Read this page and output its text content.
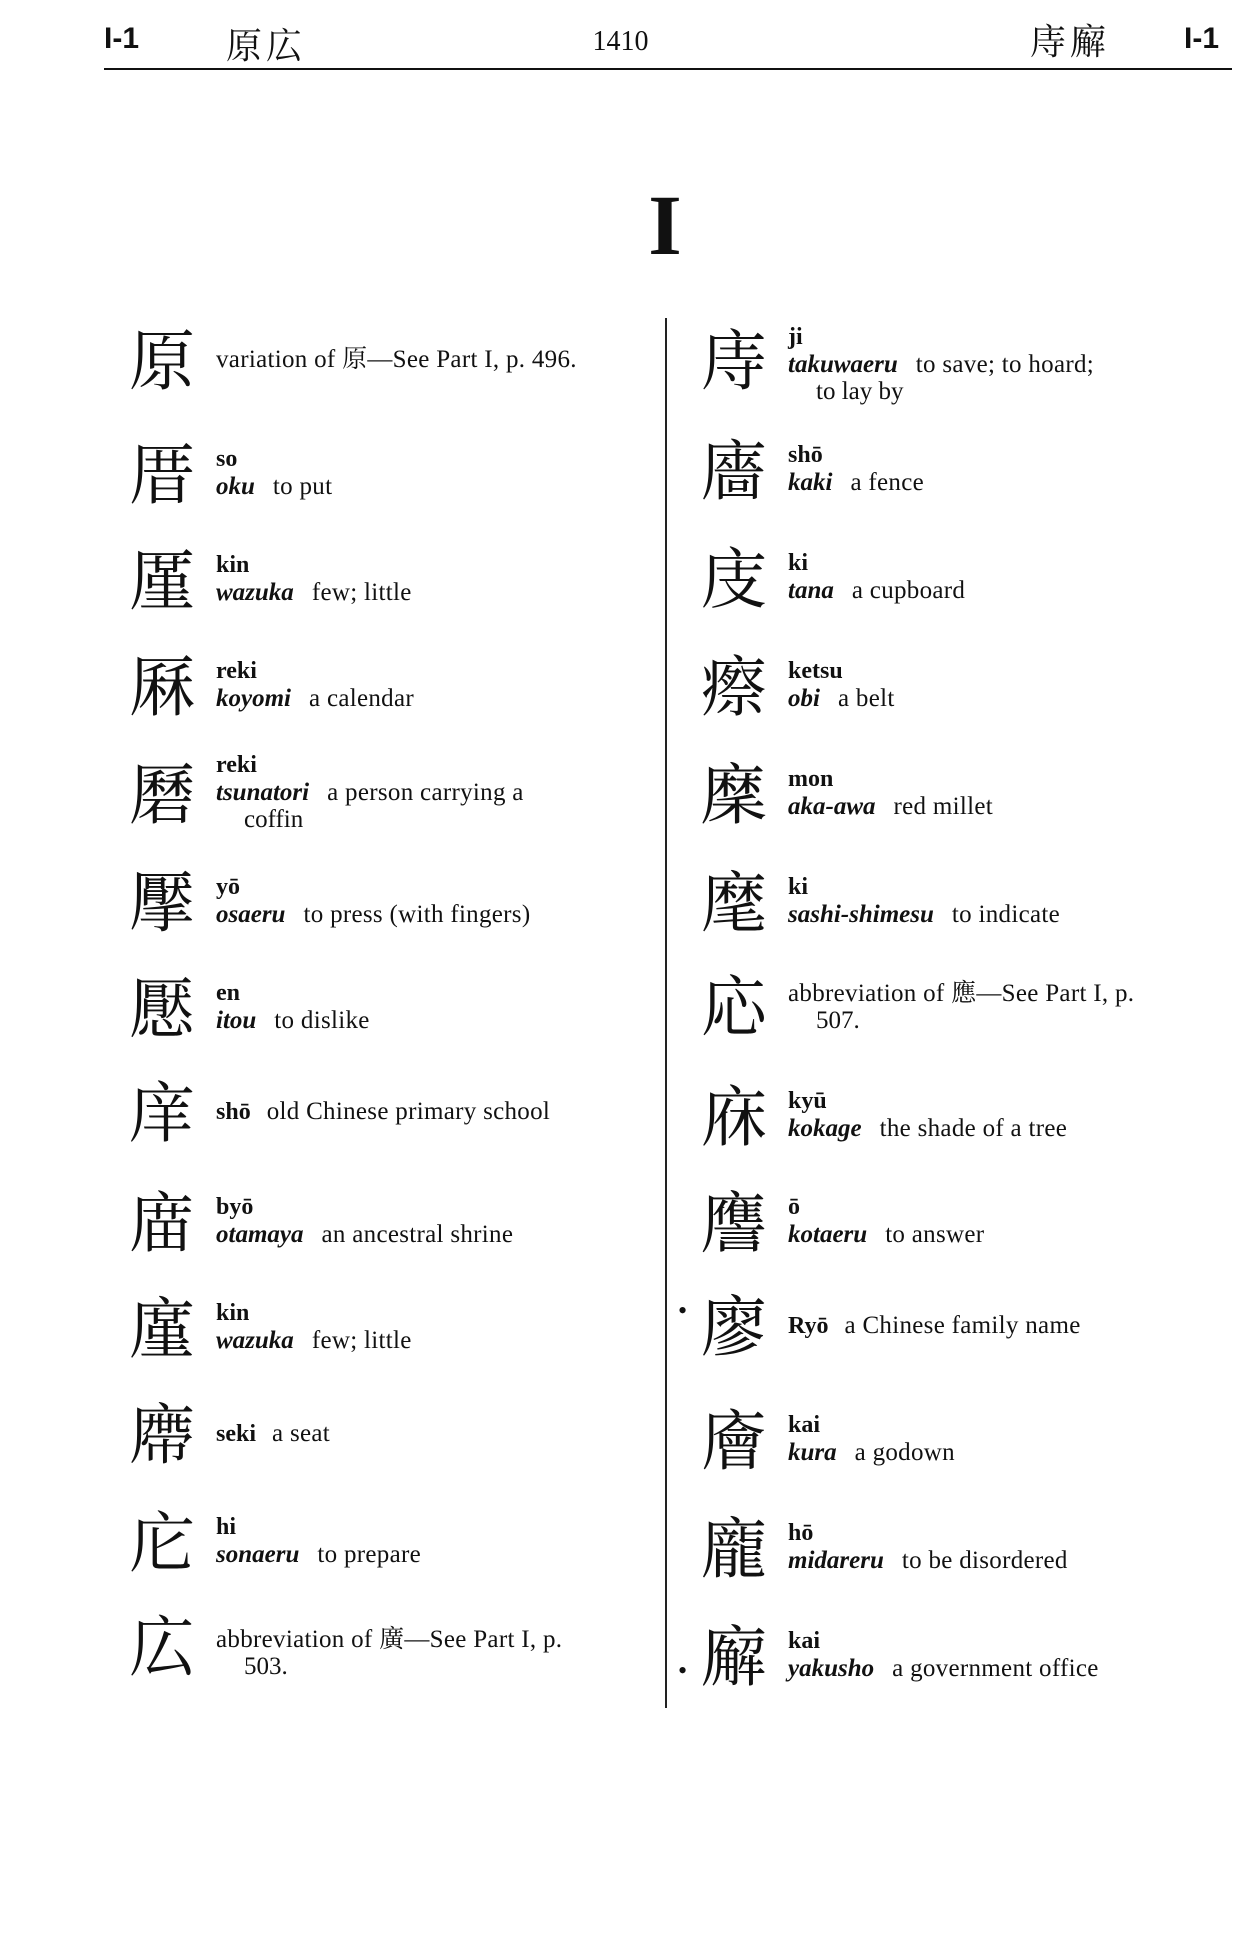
I-1 原広	1410	庤廨 I-1
I
原 variation of 原—See Part I, p. 496.
厝 so
oku to put
厪 kin
wazuka few; little
厤 reki
koyomi a calendar
磿 reki
tsunatori a person carrying a
coffin
擪 yō
osaeru to press (with fingers)
懕 en
itou to dislike
庠 shō old Chinese primary school
庿 byō
otamaya an ancestral shrine
廑 kin
wazuka few; little
廗 seki a seat
庀 hi
sonaeru to prepare
広 abbreviation of 廣—See Part I, p.
503.
庤 ji
takuwaeru to save; to hoard;
to lay by
廧 shō
kaki a fence
庋 ki
tana a cupboard
瘵 ketsu
obi a belt
穈 mon
aka-awa red millet
麾 ki
sashi-shimesu to indicate
応 abbreviation of 應—See Part I, p.
507.
庥 kyū
kokage the shade of a tree
譍 ō
kotaeru to answer
• 廖 Ryō a Chinese family name
廥 kai
kura a godown
龐 hō
midareru to be disordered
• 廨 kai
yakusho a government office
